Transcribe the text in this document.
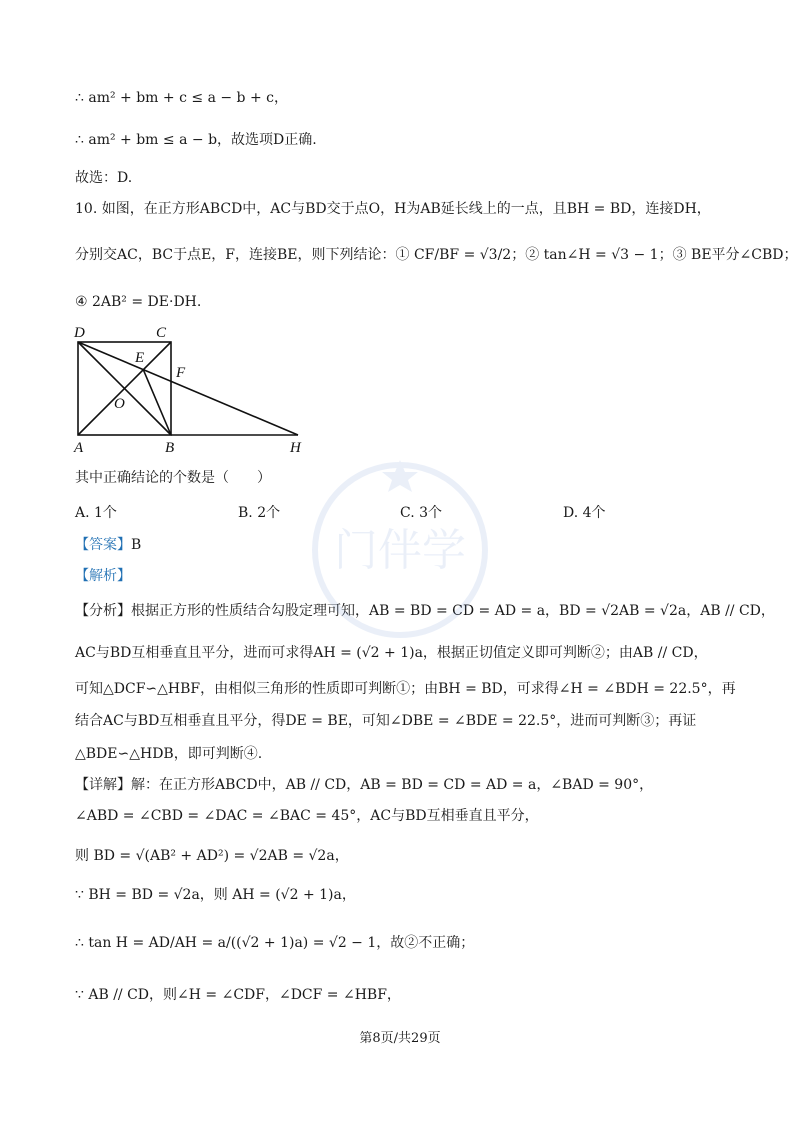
∴ am² + bm + c ≤ a − b + c，
∴ am² + bm ≤ a − b，故选项D正确.
故选：D.
10. 如图，在正方形ABCD中，AC与BD交于点O，H为AB延长线上的一点，且BH = BD，连接DH，
分别交AC，BC于点E，F，连接BE，则下列结论：① CF/BF = √3/2；② tan∠H = √3 − 1；③ BE平分∠CBD；
④ 2AB² = DE·DH.
D	C
E
F
O
A	B	H
其中正确结论的个数是（　　）
A. 1个	B. 2个	C. 3个	D. 4个
【答案】B
【解析】
【分析】根据正方形的性质结合勾股定理可知，AB = BD = CD = AD = a，BD = √2AB = √2a，AB // CD，
AC与BD互相垂直且平分，进而可求得AH = (√2 + 1)a，根据正切值定义即可判断②；由AB // CD，
可知△DCF∽△HBF，由相似三角形的性质即可判断①；由BH = BD，可求得∠H = ∠BDH = 22.5°，再
结合AC与BD互相垂直且平分，得DE = BE，可知∠DBE = ∠BDE = 22.5°，进而可判断③；再证
△BDE∽△HDB，即可判断④.
【详解】解：在正方形ABCD中，AB // CD，AB = BD = CD = AD = a，∠BAD = 90°，
∠ABD = ∠CBD = ∠DAC = ∠BAC = 45°，AC与BD互相垂直且平分，
则 BD = √(AB² + AD²) = √2AB = √2a，
∵ BH = BD = √2a，则 AH = (√2 + 1)a，
∴ tan H = AD/AH = a/((√2 + 1)a) = √2 − 1，故②不正确；
∵ AB // CD，则∠H = ∠CDF，∠DCF = ∠HBF，
门伴学
第8页/共29页
